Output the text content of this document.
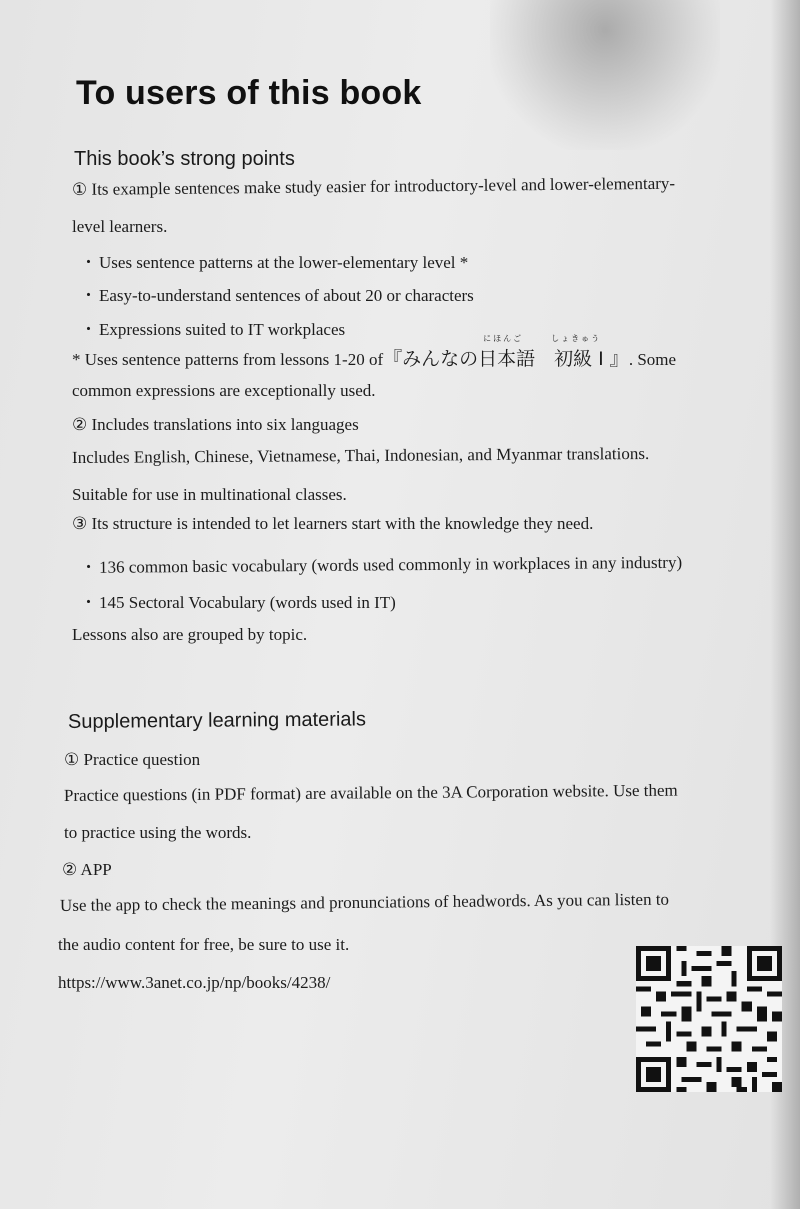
To users of this book
This book’s strong points
① Its example sentences make study easier for introductory-level and lower-elementary-
level learners.
・ Uses sentence patterns at the lower-elementary level *
・ Easy-to-understand sentences of about 20 or characters
・ Expressions suited to IT workplaces
* Uses sentence patterns from lessons 1-20 of
にほんご	しょきゅう
『みんなの日本語　初級 I 』. Some
common expressions are exceptionally used.
② Includes translations into six languages
Includes English, Chinese, Vietnamese, Thai, Indonesian, and Myanmar translations.
Suitable for use in multinational classes.
③ Its structure is intended to let learners start with the knowledge they need.
・ 136 common basic vocabulary (words used commonly in workplaces in any industry)
・ 145 Sectoral Vocabulary (words used in IT)
Lessons also are grouped by topic.
Supplementary learning materials
① Practice question
Practice questions (in PDF format) are available on the 3A Corporation website. Use them
to practice using the words.
② APP
Use the app to check the meanings and pronunciations of headwords. As you can listen to
the audio content for free, be sure to use it.
https://www.3anet.co.jp/np/books/4238/
